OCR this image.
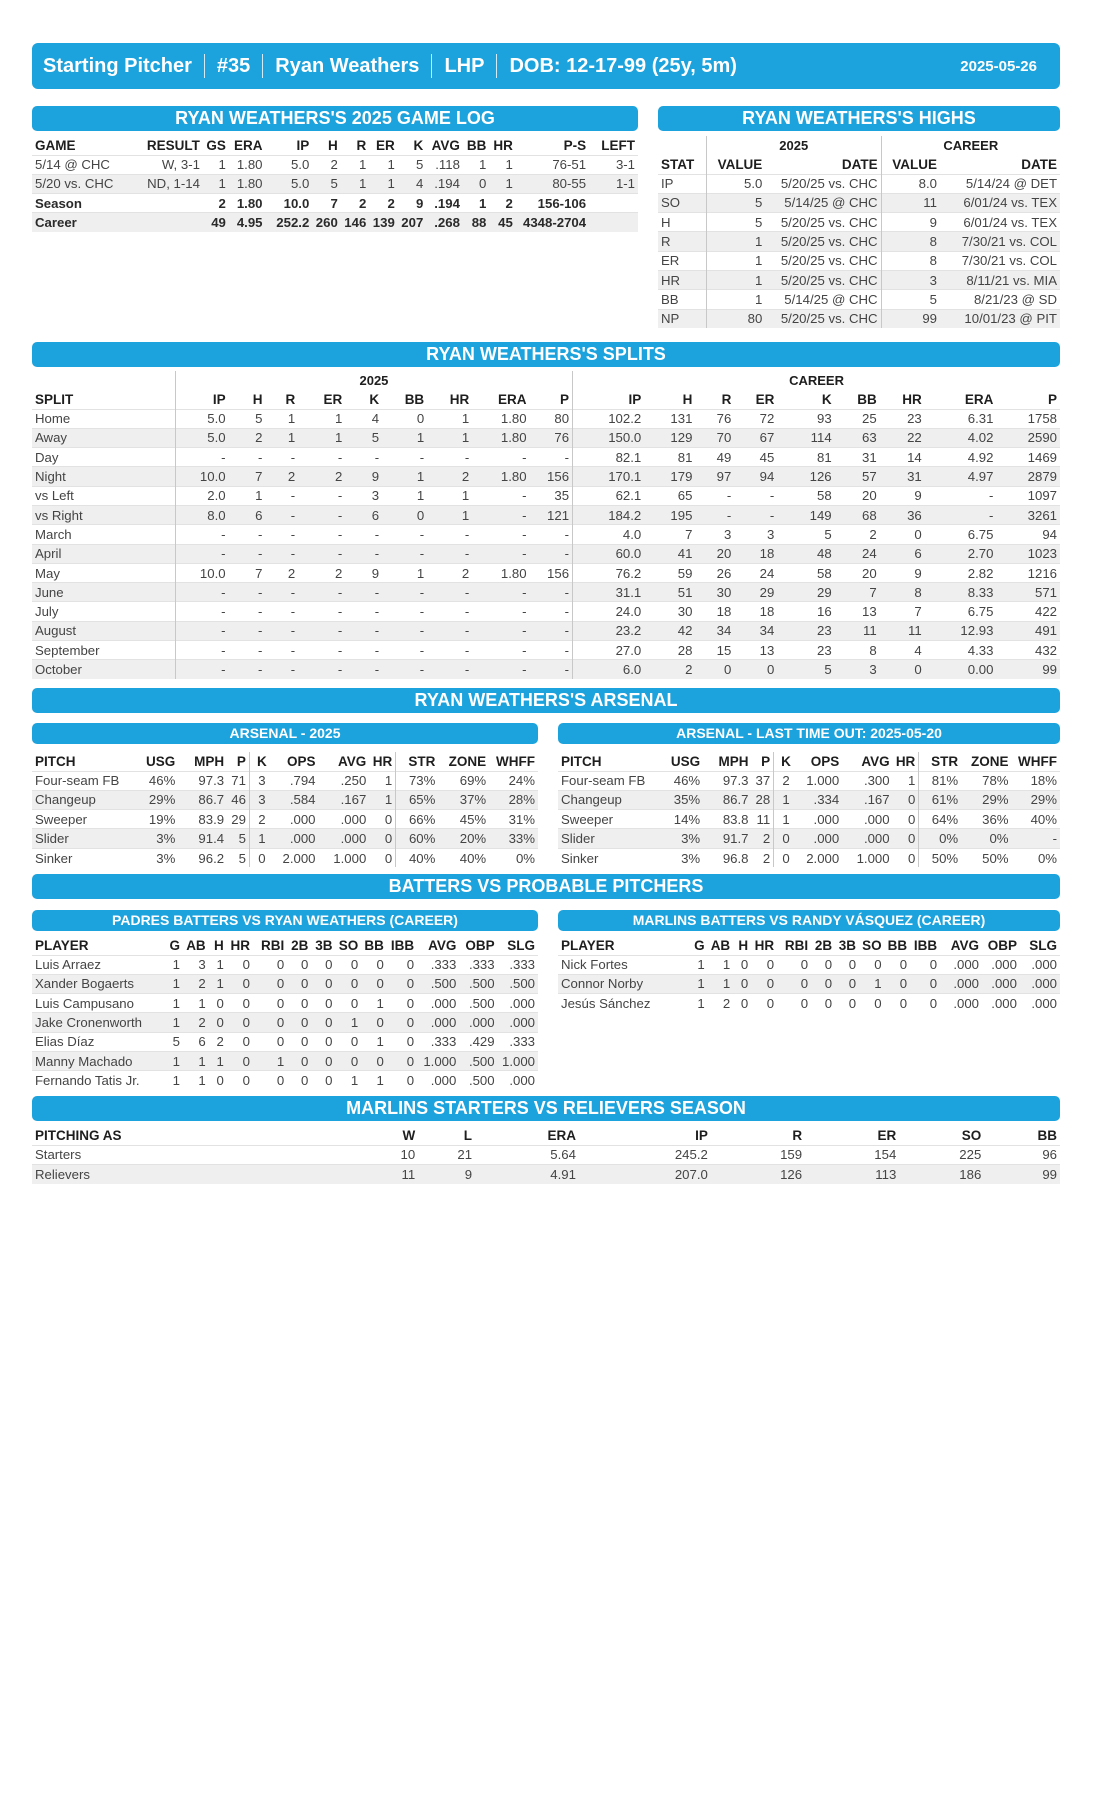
Starting Pitcher #35 Ryan Weathers LHP DOB: 12-17-99 (25y, 5m)	2025-05-26
RYAN WEATHERS'S 2025 GAME LOG
GAME	RESULT	GS	ERA	IP	H	R	ER	K	AVG	BB	HR	P-S	LEFT
5/14 @ CHC	W, 3-1	1	1.80	5.0	2	1	1	5	.118	1	1	76-51	3-1
5/20 vs. CHC	ND, 1-14	1	1.80	5.0	5	1	1	4	.194	0	1	80-55	1-1
Season		2	1.80	10.0	7	2	2	9	.194	1	2	156-106	
Career		49	4.95	252.2	260	146	139	207	.268	88	45	4348-2704	
RYAN WEATHERS'S HIGHS
	2025		CAREER	
STAT	VALUE	DATE	VALUE	DATE
IP	5.0	5/20/25 vs. CHC	8.0	5/14/24 @ DET
SO	5	5/14/25 @ CHC	11	6/01/24 vs. TEX
H	5	5/20/25 vs. CHC	9	6/01/24 vs. TEX
R	1	5/20/25 vs. CHC	8	7/30/21 vs. COL
ER	1	5/20/25 vs. CHC	8	7/30/21 vs. COL
HR	1	5/20/25 vs. CHC	3	8/11/21 vs. MIA
BB	1	5/14/25 @ CHC	5	8/21/23 @ SD
NP	80	5/20/25 vs. CHC	99	10/01/23 @ PIT
RYAN WEATHERS'S SPLITS
	2025									CAREER								
SPLIT	IP	H	R	ER	K	BB	HR	ERA	P	IP	H	R	ER	K	BB	HR	ERA	P
Home	5.0	5	1	1	4	0	1	1.80	80	102.2	131	76	72	93	25	23	6.31	1758
Away	5.0	2	1	1	5	1	1	1.80	76	150.0	129	70	67	114	63	22	4.02	2590
Day	-	-	-	-	-	-	-	-	-	82.1	81	49	45	81	31	14	4.92	1469
Night	10.0	7	2	2	9	1	2	1.80	156	170.1	179	97	94	126	57	31	4.97	2879
vs Left	2.0	1	-	-	3	1	1	-	35	62.1	65	-	-	58	20	9	-	1097
vs Right	8.0	6	-	-	6	0	1	-	121	184.2	195	-	-	149	68	36	-	3261
March	-	-	-	-	-	-	-	-	-	4.0	7	3	3	5	2	0	6.75	94
April	-	-	-	-	-	-	-	-	-	60.0	41	20	18	48	24	6	2.70	1023
May	10.0	7	2	2	9	1	2	1.80	156	76.2	59	26	24	58	20	9	2.82	1216
June	-	-	-	-	-	-	-	-	-	31.1	51	30	29	29	7	8	8.33	571
July	-	-	-	-	-	-	-	-	-	24.0	30	18	18	16	13	7	6.75	422
August	-	-	-	-	-	-	-	-	-	23.2	42	34	34	23	11	11	12.93	491
September	-	-	-	-	-	-	-	-	-	27.0	28	15	13	23	8	4	4.33	432
October	-	-	-	-	-	-	-	-	-	6.0	2	0	0	5	3	0	0.00	99
RYAN WEATHERS'S ARSENAL
ARSENAL - 2025
PITCH	USG	MPH	P	K	OPS	AVG	HR	STR	ZONE	WHFF
Four-seam FB	46%	97.3	71	3	.794	.250	1	73%	69%	24%
Changeup	29%	86.7	46	3	.584	.167	1	65%	37%	28%
Sweeper	19%	83.9	29	2	.000	.000	0	66%	45%	31%
Slider	3%	91.4	5	1	.000	.000	0	60%	20%	33%
Sinker	3%	96.2	5	0	2.000	1.000	0	40%	40%	0%
ARSENAL - LAST TIME OUT: 2025-05-20
PITCH	USG	MPH	P	K	OPS	AVG	HR	STR	ZONE	WHFF
Four-seam FB	46%	97.3	37	2	1.000	.300	1	81%	78%	18%
Changeup	35%	86.7	28	1	.334	.167	0	61%	29%	29%
Sweeper	14%	83.8	11	1	.000	.000	0	64%	36%	40%
Slider	3%	91.7	2	0	.000	.000	0	0%	0%	-
Sinker	3%	96.8	2	0	2.000	1.000	0	50%	50%	0%
BATTERS VS PROBABLE PITCHERS
PADRES BATTERS VS RYAN WEATHERS (CAREER)
PLAYER	G	AB	H	HR	RBI	2B	3B	SO	BB	IBB	AVG	OBP	SLG
Luis Arraez	1	3	1	0	0	0	0	0	0	0	.333	.333	.333
Xander Bogaerts	1	2	1	0	0	0	0	0	0	0	.500	.500	.500
Luis Campusano	1	1	0	0	0	0	0	0	1	0	.000	.500	.000
Jake Cronenworth	1	2	0	0	0	0	0	1	0	0	.000	.000	.000
Elias Díaz	5	6	2	0	0	0	0	0	1	0	.333	.429	.333
Manny Machado	1	1	1	0	1	0	0	0	0	0	1.000	.500	1.000
Fernando Tatis Jr.	1	1	0	0	0	0	0	1	1	0	.000	.500	.000
MARLINS BATTERS VS RANDY VÁSQUEZ (CAREER)
PLAYER	G	AB	H	HR	RBI	2B	3B	SO	BB	IBB	AVG	OBP	SLG
Nick Fortes	1	1	0	0	0	0	0	0	0	0	.000	.000	.000
Connor Norby	1	1	0	0	0	0	0	1	0	0	.000	.000	.000
Jesús Sánchez	1	2	0	0	0	0	0	0	0	0	.000	.000	.000
MARLINS STARTERS VS RELIEVERS SEASON
PITCHING AS	W	L	ERA	IP	R	ER	SO	BB
Starters	10	21	5.64	245.2	159	154	225	96
Relievers	11	9	4.91	207.0	126	113	186	99
